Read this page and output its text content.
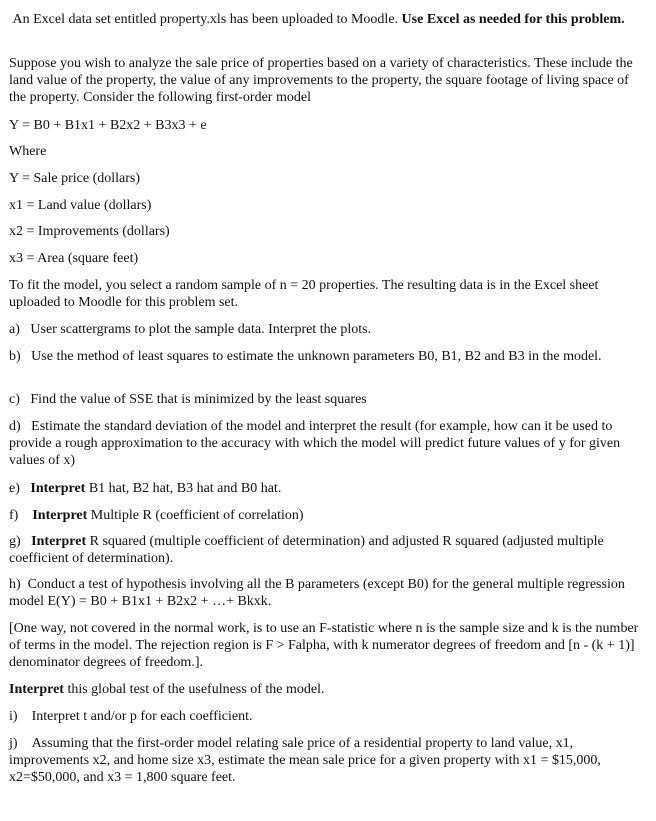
An Excel data set entitled property.xls has been uploaded to Moodle. Use Excel as needed for this problem.

Suppose you wish to analyze the sale price of properties based on a variety of characteristics. These include the land value of the property, the value of any improvements to the property, the square footage of living space of the property. Consider the following first-order model

Y = B0 + B1x1 + B2x2 + B3x3 + e

Where

Y = Sale price (dollars)

x1 = Land value (dollars)

x2 = Improvements (dollars)

x3 = Area (square feet)

To fit the model, you select a random sample of n = 20 properties. The resulting data is in the Excel sheet uploaded to Moodle for this problem set.

a) User scattergrams to plot the sample data. Interpret the plots.

b) Use the method of least squares to estimate the unknown parameters B0, B1, B2 and B3 in the model.

c) Find the value of SSE that is minimized by the least squares

d) Estimate the standard deviation of the model and interpret the result (for example, how can it be used to provide a rough approximation to the accuracy with which the model will predict future values of y for given values of x)

e) Interpret B1 hat, B2 hat, B3 hat and B0 hat.

f) Interpret Multiple R (coefficient of correlation)

g) Interpret R squared (multiple coefficient of determination) and adjusted R squared (adjusted multiple coefficient of determination).

h) Conduct a test of hypothesis involving all the B parameters (except B0) for the general multiple regression model E(Y) = B0 + B1x1 + B2x2 + …+ Bkxk.

[One way, not covered in the normal work, is to use an F-statistic where n is the sample size and k is the number of terms in the model. The rejection region is F > Falpha, with k numerator degrees of freedom and [n - (k + 1)] denominator degrees of freedom.].

Interpret this global test of the usefulness of the model.

i) Interpret t and/or p for each coefficient.

j) Assuming that the first-order model relating sale price of a residential property to land value, x1, improvements x2, and home size x3, estimate the mean sale price for a given property with x1 = $15,000, x2=$50,000, and x3 = 1,800 square feet.
